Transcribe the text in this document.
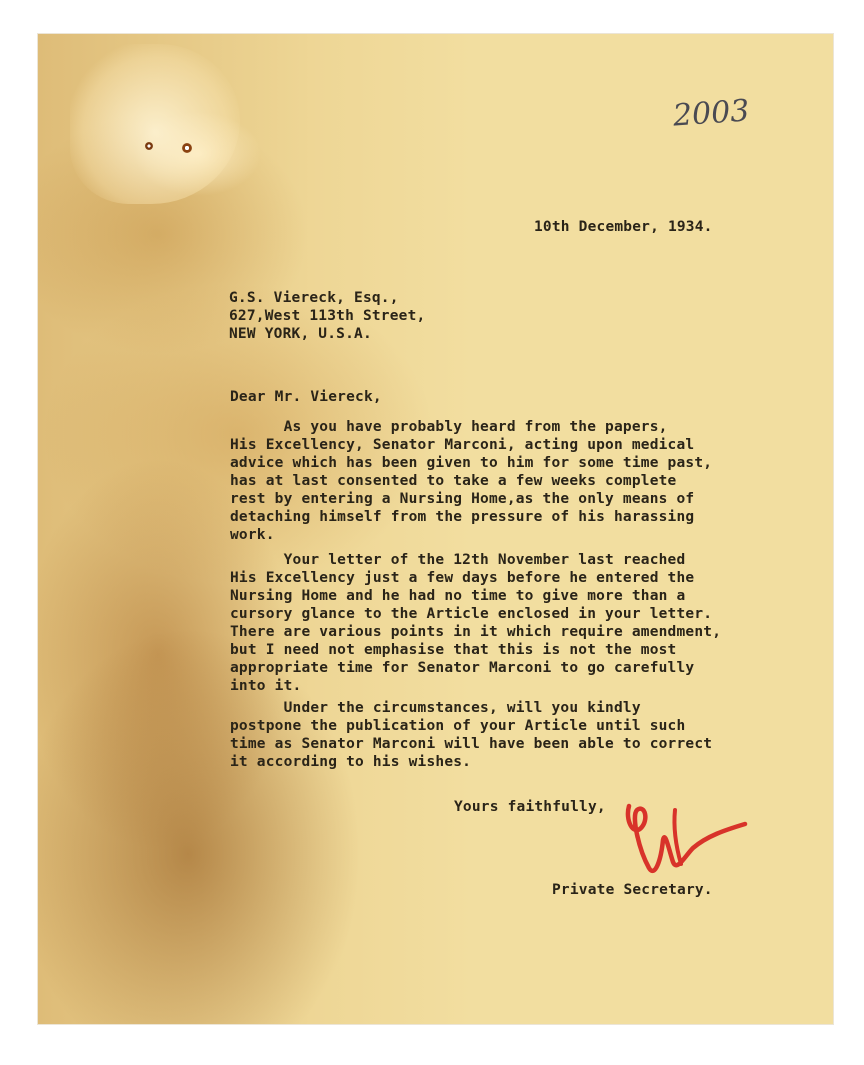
2003
10th December, 1934.
G.S. Viereck, Esq.,
627,West 113th Street,
NEW YORK, U.S.A.
Dear Mr. Viereck,
As you have probably heard from the papers,
His Excellency, Senator Marconi, acting upon medical
advice which has been given to him for some time past,
has at last consented to take a few weeks complete
rest by entering a Nursing Home,as the only means of
detaching himself from the pressure of his harassing
work.
Your letter of the 12th November last reached
His Excellency just a few days before he entered the
Nursing Home and he had no time to give more than a
cursory glance to the Article enclosed in your letter.
There are various points in it which require amendment,
but I need not emphasise that this is not the most
appropriate time for Senator Marconi to go carefully
into it.
Under the circumstances, will you kindly
postpone the publication of your Article until such
time as Senator Marconi will have been able to correct
it according to his wishes.
Yours faithfully,
Private Secretary.
